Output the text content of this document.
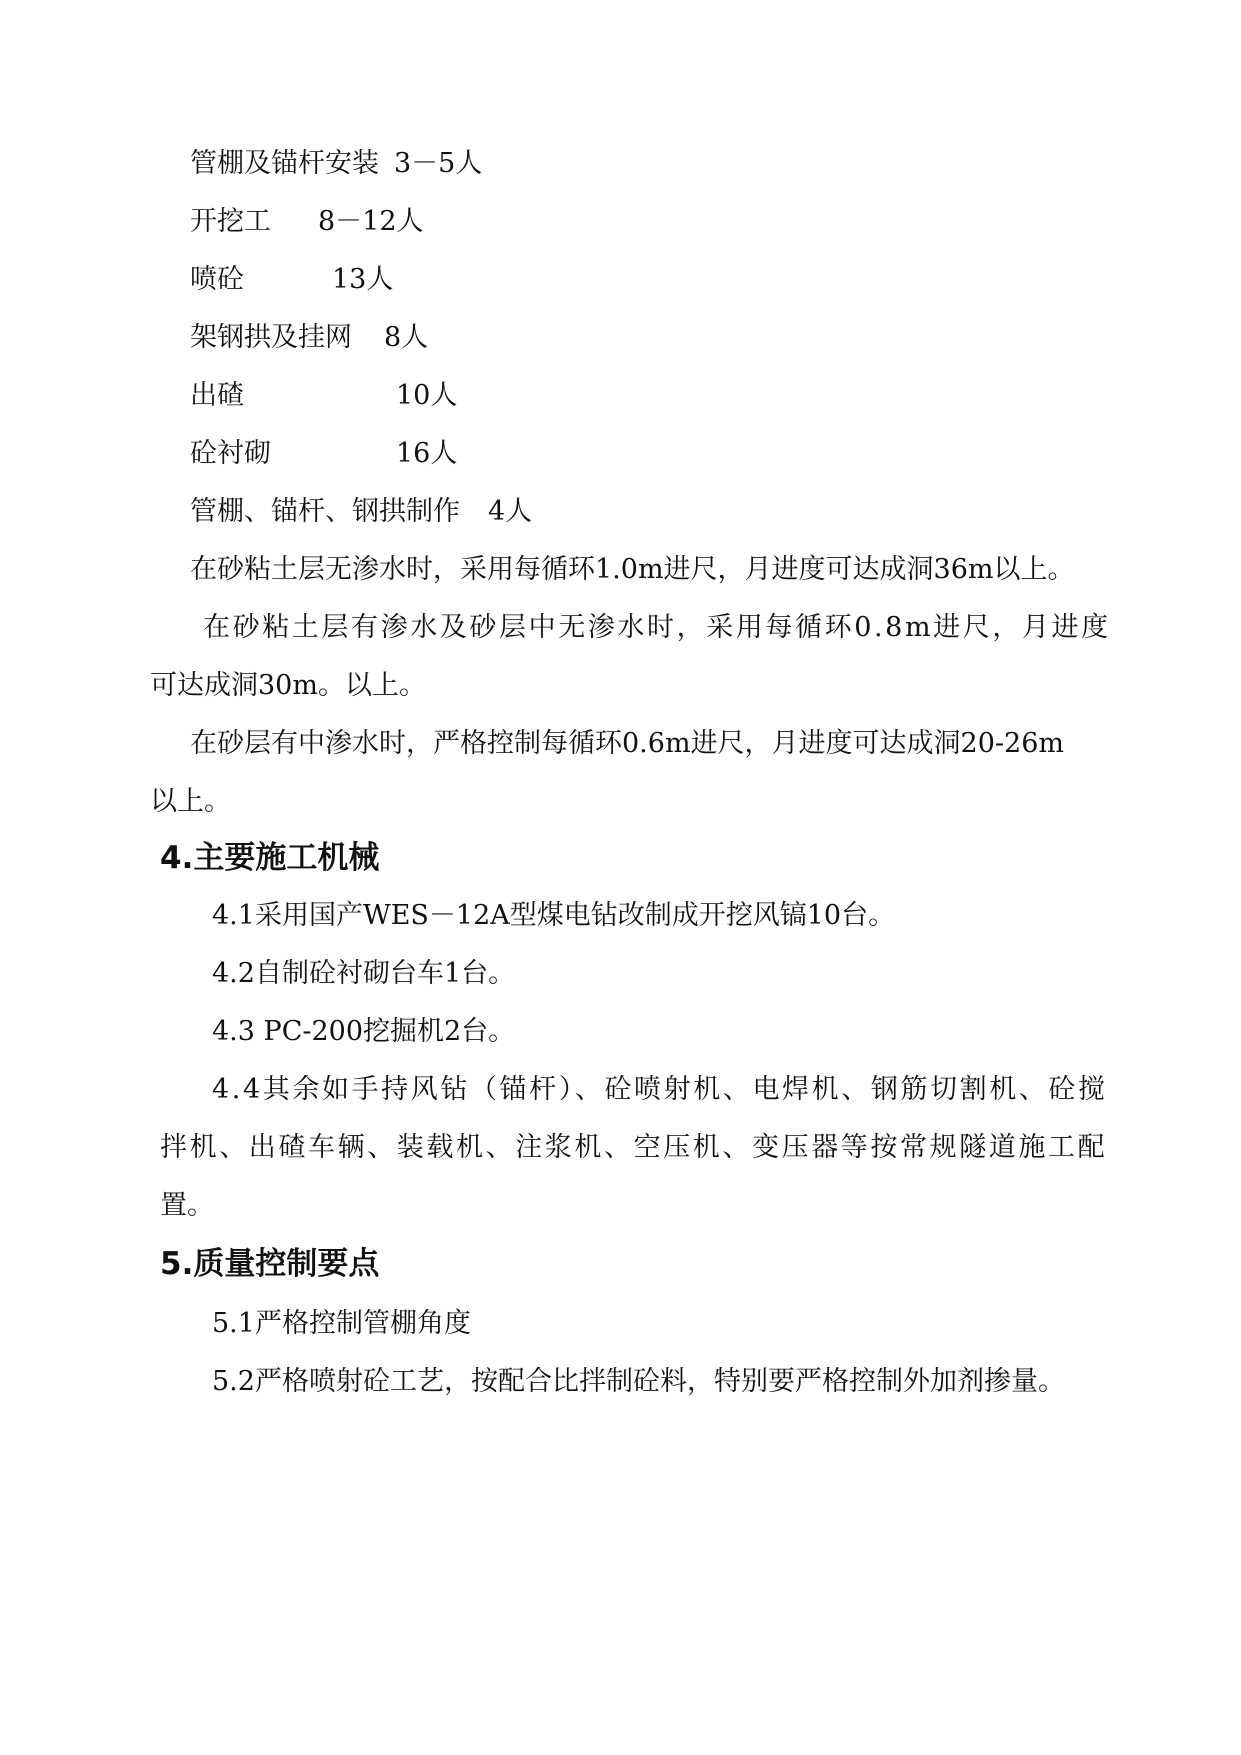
管棚及锚杆安装 3－5人
开挖工 8－12人
喷砼	13人
架钢拱及挂网 8人
出碴	10人
砼衬砌	16人
管棚、锚杆、钢拱制作 4人
在砂粘土层无渗水时，采用每循环1.0m进尺，月进度可达成洞36m以上。
在砂粘土层有渗水及砂层中无渗水时，采用每循环0.8m进尺，月进度
可达成洞30m。以上。
在砂层有中渗水时，严格控制每循环0.6m进尺，月进度可达成洞20-26m
以上。
4.主要施工机械
4.1采用国产WES－12A型煤电钻改制成开挖风镐10台。
4.2自制砼衬砌台车1台。
4.3 PC-200挖掘机2台。
4.4其余如手持风钻（锚杆）、砼喷射机、电焊机、钢筋切割机、砼搅
拌机、出碴车辆、装载机、注浆机、空压机、变压器等按常规隧道施工配
置。
5.质量控制要点
5.1严格控制管棚角度
5.2严格喷射砼工艺，按配合比拌制砼料，特别要严格控制外加剂掺量。
